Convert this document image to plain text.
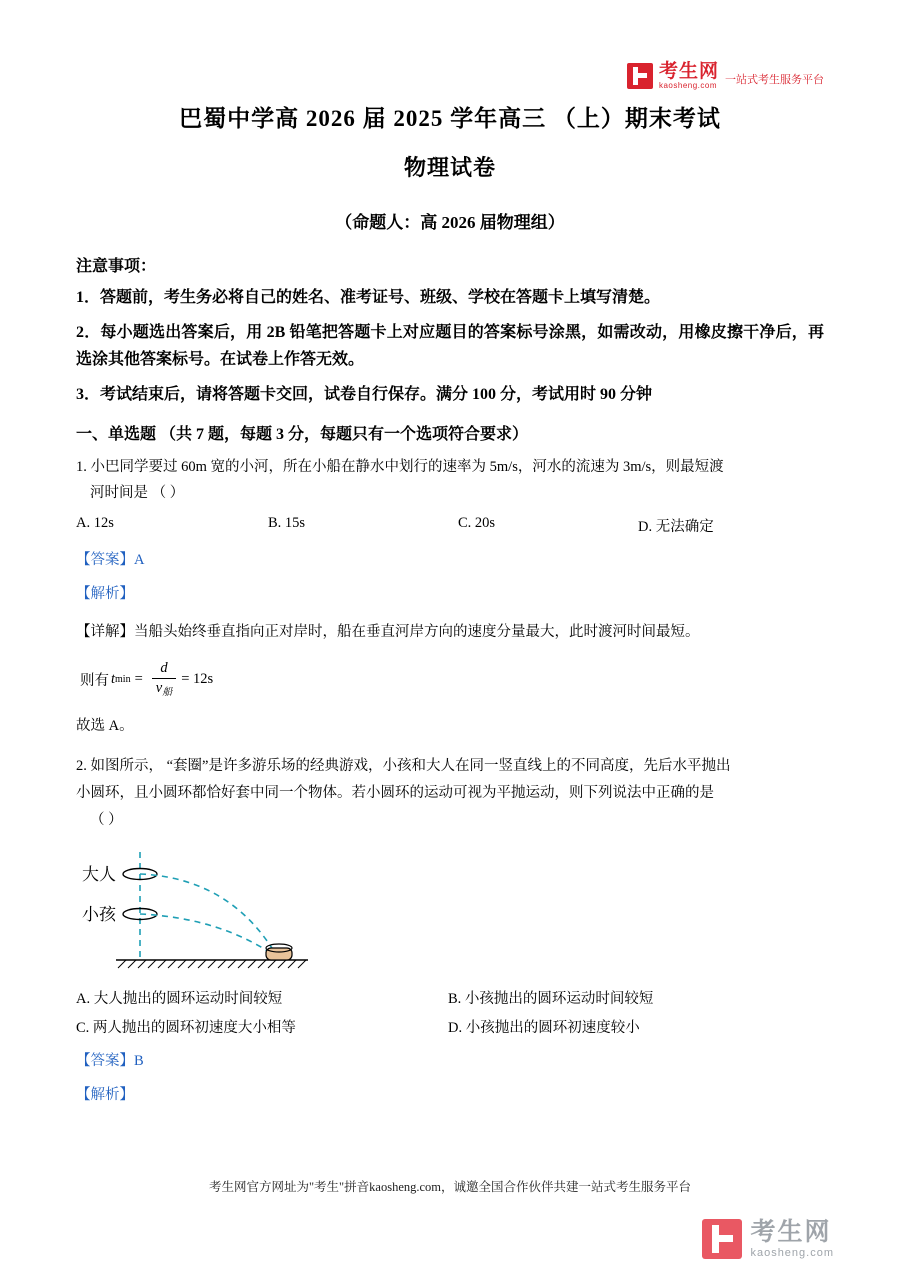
考生网
kaosheng.com 一站式考生服务平台
巴蜀中学高 2026 届 2025 学年高三 （上）期末考试
物理试卷
（命题人：高 2026 届物理组）
注意事项：
1．答题前，考生务必将自己的姓名、准考证号、班级、学校在答题卡上填写清楚。
2．每小题选出答案后，用 2B 铅笔把答题卡上对应题目的答案标号涂黑，如需改动，用橡皮擦干净后，再选涂其他答案标号。在试卷上作答无效。
3．考试结束后，请将答题卡交回，试卷自行保存。满分 100 分，考试用时 90 分钟
一、单选题 （共 7 题，每题 3 分，每题只有一个选项符合要求）
1. 小巴同学要过 60m 宽的小河，所在小船在静水中划行的速率为 5m/s，河水的流速为 3m/s，则最短渡
河时间是 （ ）
A. 12s	B. 15s	C. 20s	D. 无法确定
【答案】A
【解析】
【详解】当船头始终垂直指向正对岸时，船在垂直河岸方向的速度分量最大，此时渡河时间最短。
则有 t $\min = \frac{d}{v_船} = 12s$
故选 A。
2. 如图所示， “套圈”是许多游乐场的经典游戏，小孩和大人在同一竖直线上的不同高度，先后水平抛出
小圆环，且小圆环都恰好套中同一个物体。若小圆环的运动可视为平抛运动，则下列说法中正确的是
（ ）
大人
小孩
A. 大人抛出的圆环运动时间较短	B. 小孩抛出的圆环运动时间较短
C. 两人抛出的圆环初速度大小相等	D. 小孩抛出的圆环初速度较小
【答案】B
【解析】
考生网官方网址为"考生"拼音kaosheng.com，诚邀全国合作伙伴共建一站式考生服务平台
考生网
kaosheng.com
